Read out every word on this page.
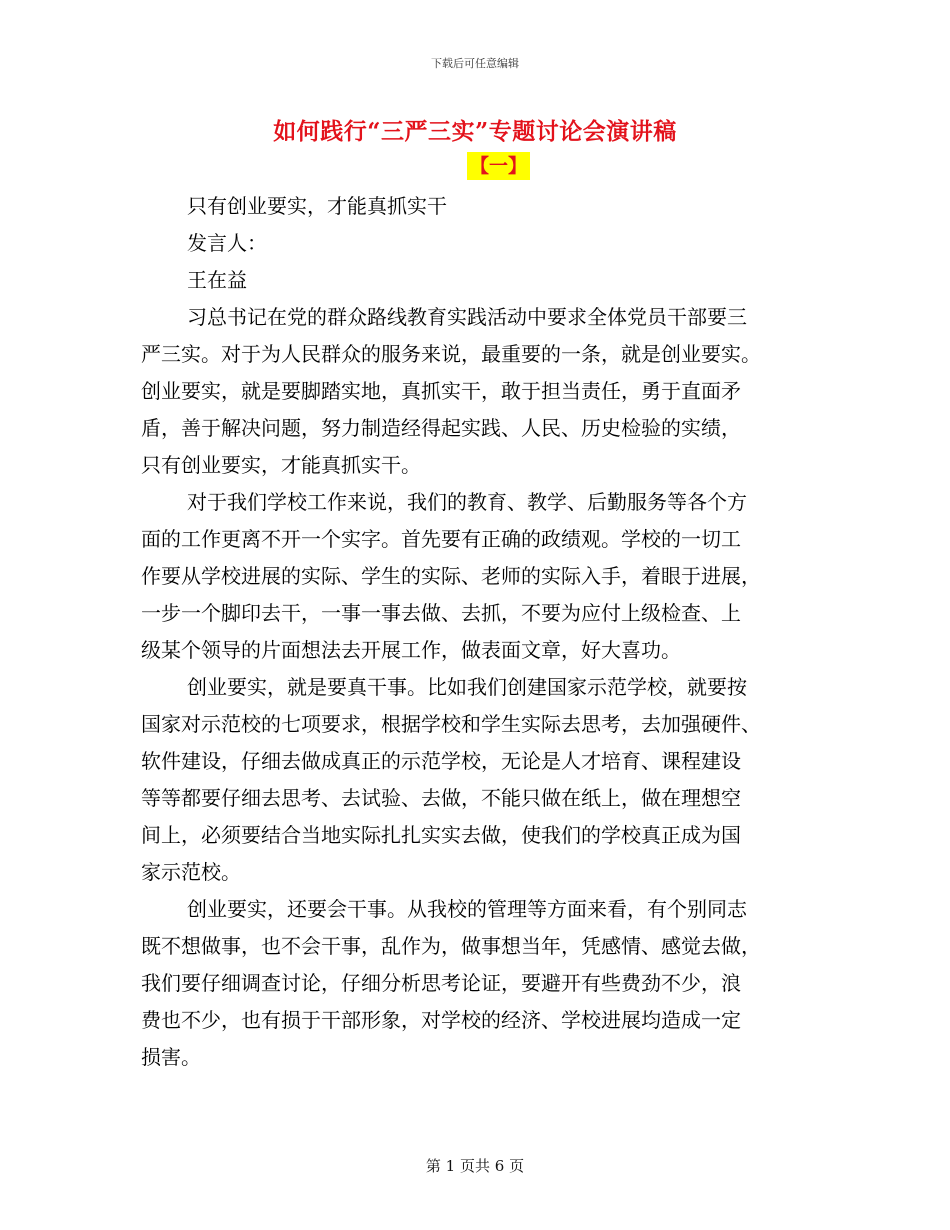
下载后可任意编辑
如何践行“三严三实”专题讨论会演讲稿
【一】
只有创业要实，才能真抓实干
发言人：
王在益
习总书记在党的群众路线教育实践活动中要求全体党员干部要三
严三实。对于为人民群众的服务来说，最重要的一条，就是创业要实。
创业要实，就是要脚踏实地，真抓实干，敢于担当责任，勇于直面矛
盾，善于解决问题，努力制造经得起实践、人民、历史检验的实绩，
只有创业要实，才能真抓实干。
对于我们学校工作来说，我们的教育、教学、后勤服务等各个方
面的工作更离不开一个实字。首先要有正确的政绩观。学校的一切工
作要从学校进展的实际、学生的实际、老师的实际入手，着眼于进展，
一步一个脚印去干，一事一事去做、去抓，不要为应付上级检查、上
级某个领导的片面想法去开展工作，做表面文章，好大喜功。
创业要实，就是要真干事。比如我们创建国家示范学校，就要按
国家对示范校的七项要求，根据学校和学生实际去思考，去加强硬件、
软件建设，仔细去做成真正的示范学校，无论是人才培育、课程建设
等等都要仔细去思考、去试验、去做，不能只做在纸上，做在理想空
间上，必须要结合当地实际扎扎实实去做，使我们的学校真正成为国
家示范校。
创业要实，还要会干事。从我校的管理等方面来看，有个别同志
既不想做事，也不会干事，乱作为，做事想当年，凭感情、感觉去做，
我们要仔细调查讨论，仔细分析思考论证，要避开有些费劲不少，浪
费也不少，也有损于干部形象，对学校的经济、学校进展均造成一定
损害。
第 1 页共 6 页
